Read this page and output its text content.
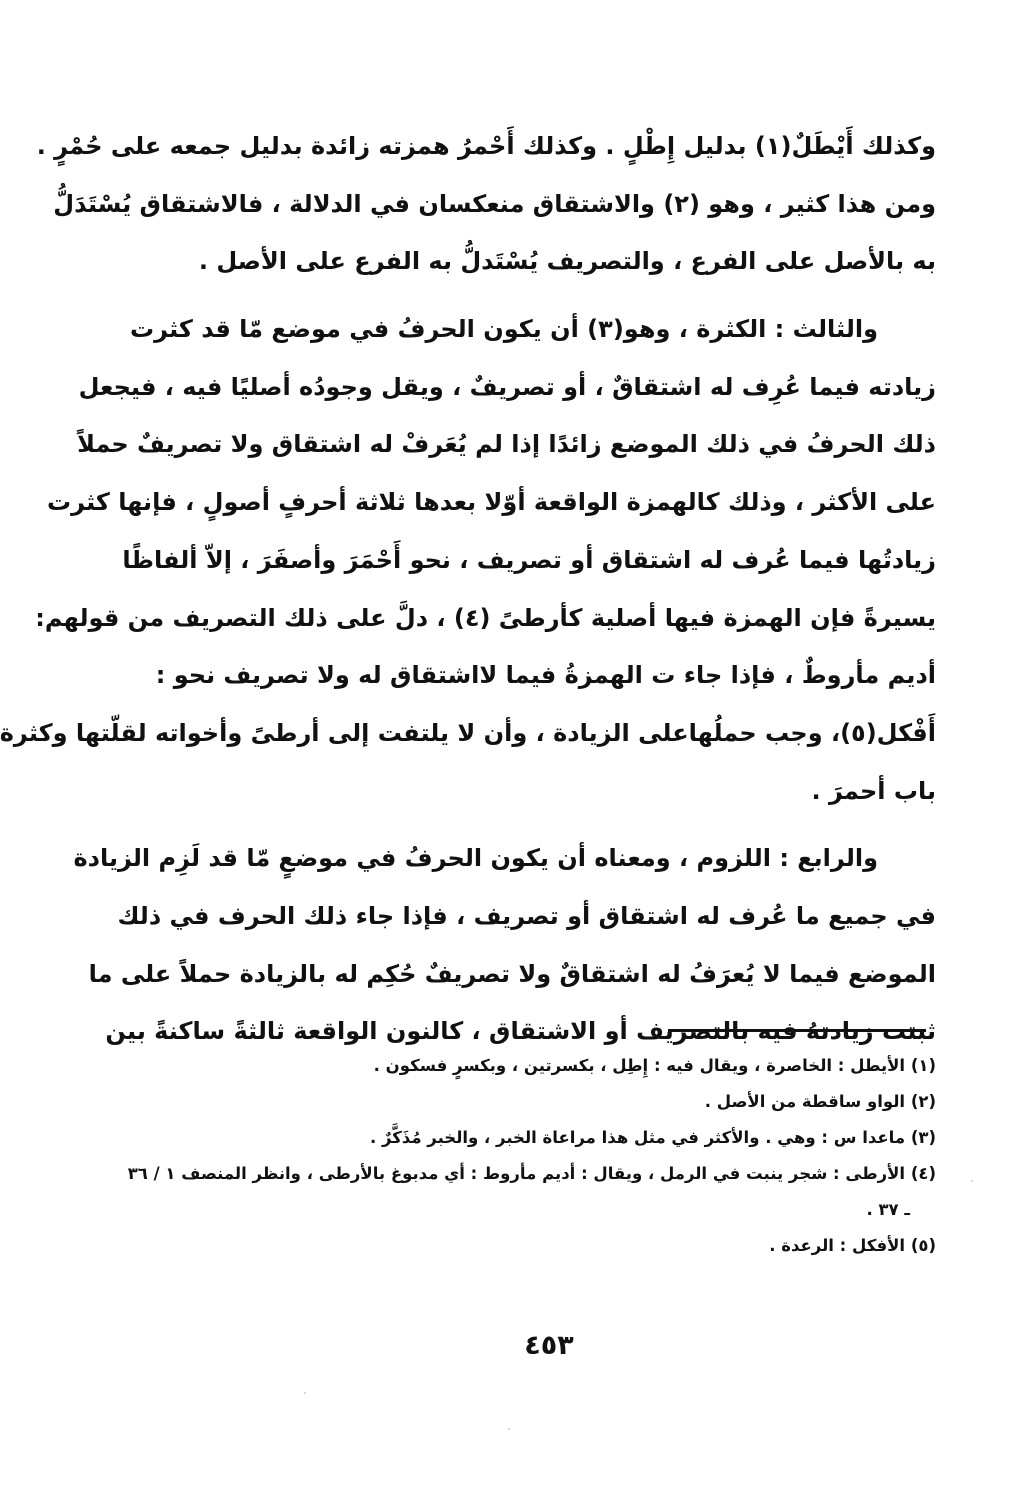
وكذلك أَيْطَلٌ(١) بدليل إِطْلٍ . وكذلك أَحْمرُ همزته زائدة بدليل جمعه على حُمْرٍ .
ومن هذا كثير ، وهو (٢) والاشتقاق منعكسان في الدلالة ، فالاشتقاق يُسْتَدَلُّ
به بالأصل على الفرع ، والتصريف يُسْتَدلُّ به الفرع على الأصل .
والثالث : الكثرة ، وهو(٣) أن يكون الحرفُ في موضع مّا قد كثرت
زيادته فيما عُرِف له اشتقاقٌ ، أو تصريفٌ ، ويقل وجودُه أصليًا فيه ، فيجعل
ذلك الحرفُ في ذلك الموضع زائدًا إذا لم يُعَرفْ له اشتقاق ولا تصريفٌ حملاً
على الأكثر ، وذلك كالهمزة الواقعة أوّلا بعدها ثلاثة أحرفٍ أصولٍ ، فإنها كثرت
زيادتُها فيما عُرف له اشتقاق أو تصريف ، نحو أَحْمَرَ وأصفَرَ ، إلاّ ألفاظًا
يسيرةً فإن الهمزة فيها أصلية كأرطىً (٤) ، دلَّ على ذلك التصريف من قولهم:
أديم مأروطٌ ، فإذا جاء ت الهمزةُ فيما لااشتقاق له ولا تصريف نحو :
أَفْكل(٥)، وجب حملُهاعلى الزيادة ، وأن لا يلتفت إلى أرطىً وأخواته لقلّتها وكثرة
باب أحمرَ .
والرابع : اللزوم ، ومعناه أن يكون الحرفُ في موضعٍ مّا قد لَزِم الزيادة
في جميع ما عُرف له اشتقاق أو تصريف ، فإذا جاء ذلك الحرف في ذلك
الموضع فيما لا يُعرَفُ له اشتقاقٌ ولا تصريفٌ حُكِم له بالزيادة حملاً على ما
ثبتت زيادتهُ فيه بالتصريف أو الاشتقاق ، كالنون الواقعة ثالثةً ساكنةً بين
(١) الأيطل : الخاصرة ، ويقال فيه : إِطِل ، بكسرتين ، وبكسرٍ فسكون .
(٢) الواو ساقطة من الأصل .
(٣) ماعدا س : وهي . والأكثر في مثل هذا مراعاة الخبر ، والخبر مُذَكَّرٌ .
(٤) الأرطى : شجر ينبت في الرمل ، ويقال : أديم مأروط : أي مدبوغ بالأرطى ، وانظر المنصف ١ / ٣٦
ـ ٣٧ .
(٥) الأفكل : الرعدة .
٤٥٣
